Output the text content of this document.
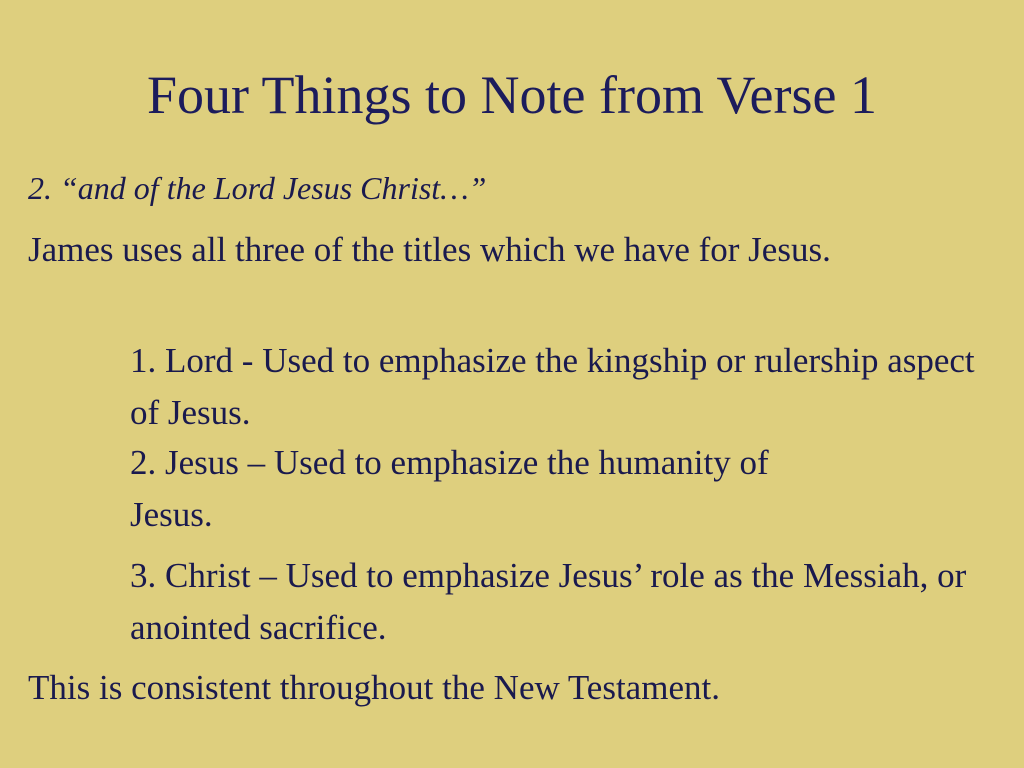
Four Things to Note from Verse 1

2. “and of the Lord Jesus Christ…”

James uses all three of the titles which we have for Jesus.

1. Lord - Used to emphasize the kingship or rulership aspect of Jesus.

2. Jesus – Used to emphasize the humanity of Jesus.

3. Christ – Used to emphasize Jesus’ role as the Messiah, or anointed sacrifice.

This is consistent throughout the New Testament.
